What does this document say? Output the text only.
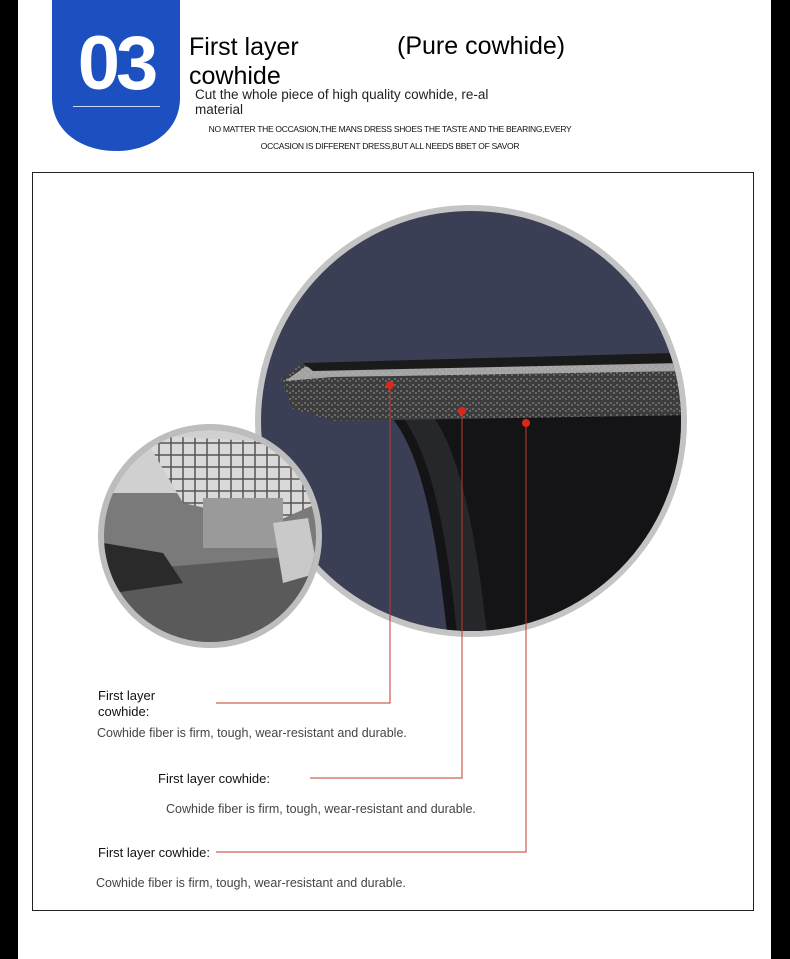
03	First layer cowhide
(Pure cowhide)
Cut the whole piece of high quality cowhide, re-al material
NO MATTER THE OCCASION,THE MANS DRESS SHOES THE TASTE AND THE BEARING,EVERY
OCCASION IS DIFFERENT DRESS,BUT ALL NEEDS BBET OF SAVOR
First layer cowhide:
Cowhide fiber is firm, tough, wear-resistant and durable.
First layer cowhide:
Cowhide fiber is firm, tough, wear-resistant and durable.
First layer cowhide:
Cowhide fiber is firm, tough, wear-resistant and durable.
